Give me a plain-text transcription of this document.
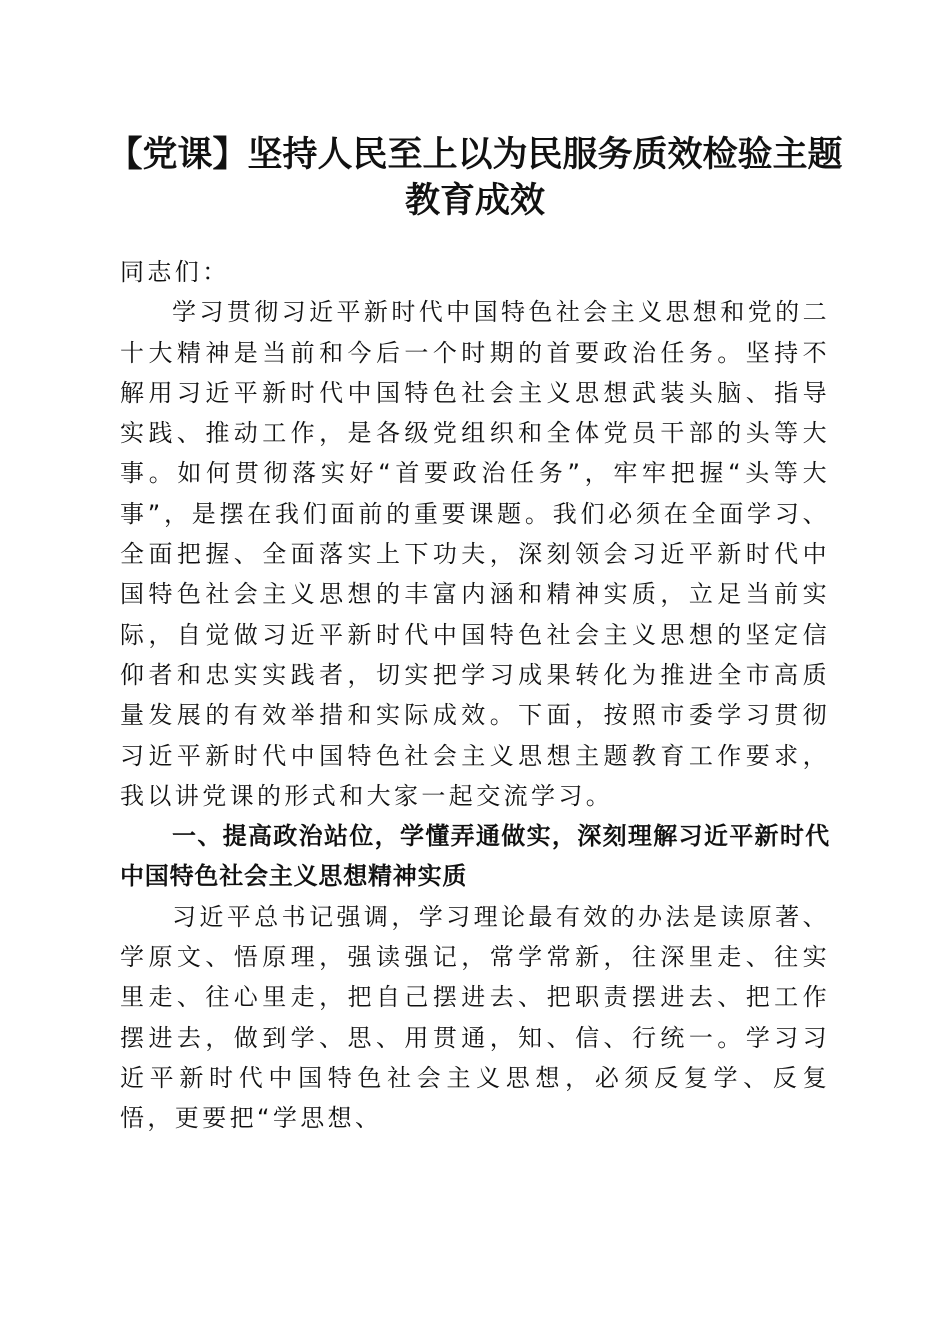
【党课】坚持人民至上以为民服务质效检验主题教育成效

同志们：

学习贯彻习近平新时代中国特色社会主义思想和党的二十大精神是当前和今后一个时期的首要政治任务。坚持不解用习近平新时代中国特色社会主义思想武装头脑、指导实践、推动工作，是各级党组织和全体党员干部的头等大事。如何贯彻落实好“首要政治任务”，牢牢把握“头等大事”，是摆在我们面前的重要课题。我们必须在全面学习、全面把握、全面落实上下功夫，深刻领会习近平新时代中国特色社会主义思想的丰富内涵和精神实质，立足当前实际，自觉做习近平新时代中国特色社会主义思想的坚定信仰者和忠实实践者，切实把学习成果转化为推进全市高质量发展的有效举措和实际成效。下面，按照市委学习贯彻习近平新时代中国特色社会主义思想主题教育工作要求，我以讲党课的形式和大家一起交流学习。

一、提高政治站位，学懂弄通做实，深刻理解习近平新时代中国特色社会主义思想精神实质

习近平总书记强调，学习理论最有效的办法是读原著、学原文、悟原理，强读强记，常学常新，往深里走、往实里走、往心里走，把自己摆进去、把职责摆进去、把工作摆进去，做到学、思、用贯通，知、信、行统一。学习习近平新时代中国特色社会主义思想，必须反复学、反复悟，更要把“学思想、
